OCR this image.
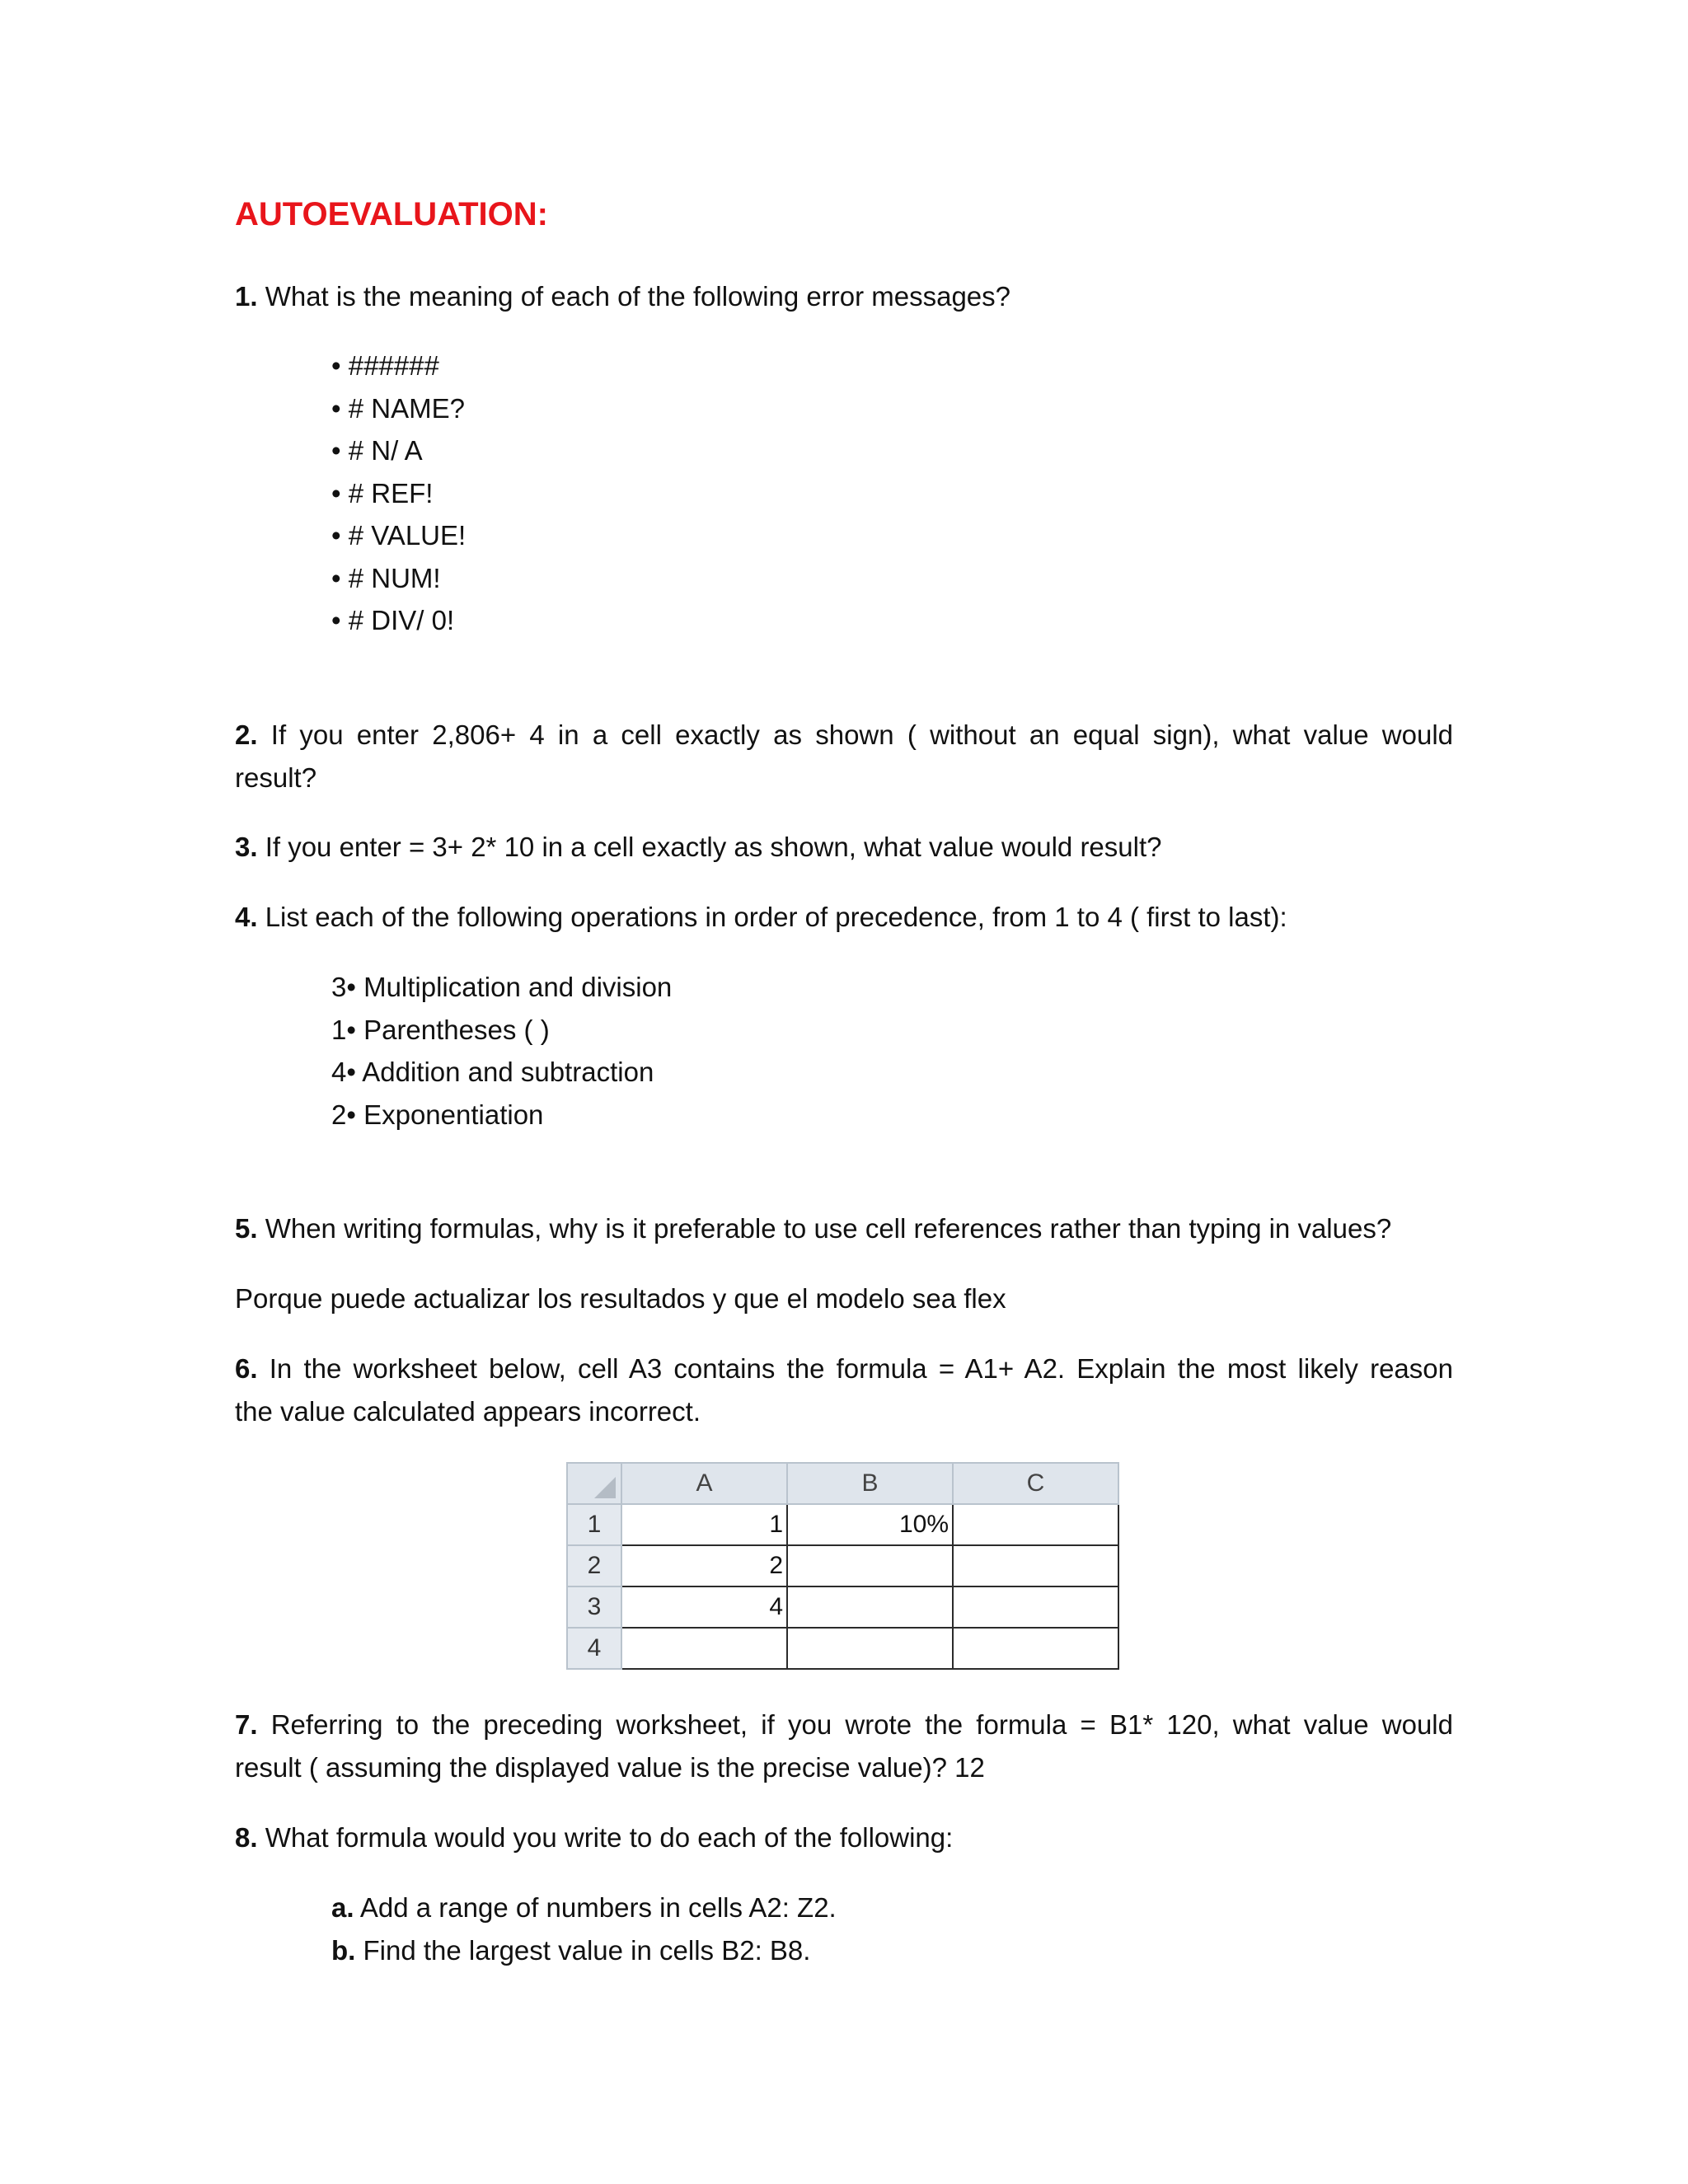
AUTOEVALUATION:
1. What is the meaning of each of the following error messages?
• ######
• # NAME?
• # N/ A
• # REF!
• # VALUE!
• # NUM!
• # DIV/ 0!
2. If you enter 2,806+ 4 in a cell exactly as shown ( without an equal sign), what value would
result?
3. If you enter = 3+ 2* 10 in a cell exactly as shown, what value would result?
4. List each of the following operations in order of precedence, from 1 to 4 ( first to last):
3• Multiplication and division
1• Parentheses ( )
4• Addition and subtraction
2• Exponentiation
5. When writing formulas, why is it preferable to use cell references rather than typing in values?
Porque puede actualizar los resultados y que el modelo sea flex
6. In the worksheet below, cell A3 contains the formula = A1+ A2. Explain the most likely reason
the value calculated appears incorrect.
	A	B	C
1	1	10%	
2	2		
3	4		
4			
7. Referring to the preceding worksheet, if you wrote the formula = B1* 120, what value would
result ( assuming the displayed value is the precise value)? 12
8. What formula would you write to do each of the following:
a. Add a range of numbers in cells A2: Z2.
b. Find the largest value in cells B2: B8.
